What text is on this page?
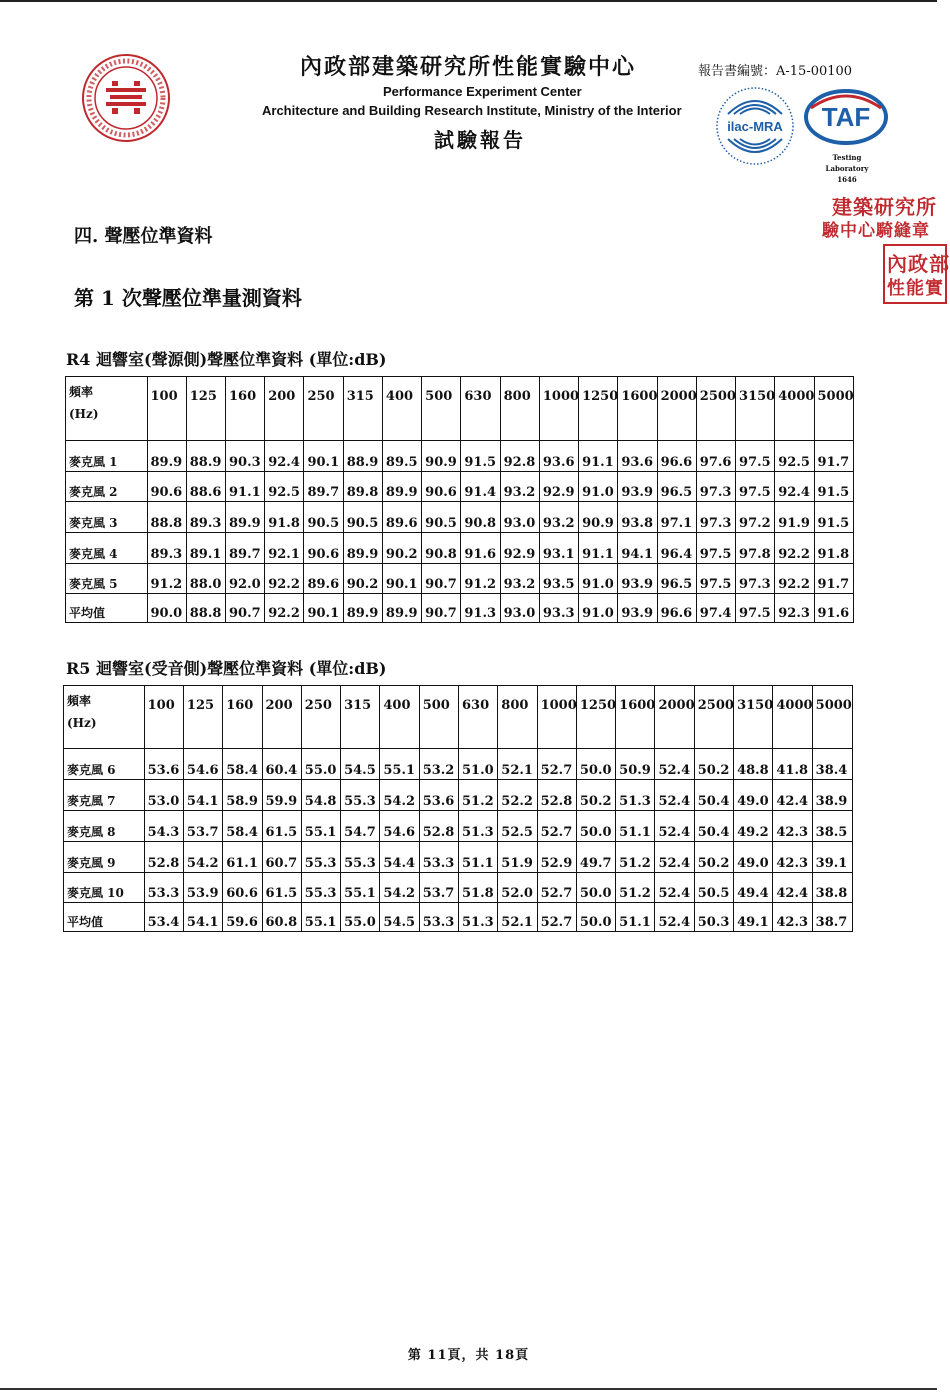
內政部建築研究所性能實驗中心	報告書編號：A-15-00100
Performance Experiment Center
Architecture and Building Research Institute, Ministry of the Interior
試驗報告
ilac-MRA TAF
Testing Laboratory
1646
建築研究所
驗中心騎縫章
內政部
性能實
四. 聲壓位準資料
第 1 次聲壓位準量測資料
R4 迴響室(聲源側)聲壓位準資料 (單位:dB)
頻率
(Hz)	100	125	160	200	250	315	400	500	630	800	1000	1250	1600	2000	2500	3150	4000	5000
麥克風 1	89.9	88.9	90.3	92.4	90.1	88.9	89.5	90.9	91.5	92.8	93.6	91.1	93.6	96.6	97.6	97.5	92.5	91.7
麥克風 2	90.6	88.6	91.1	92.5	89.7	89.8	89.9	90.6	91.4	93.2	92.9	91.0	93.9	96.5	97.3	97.5	92.4	91.5
麥克風 3	88.8	89.3	89.9	91.8	90.5	90.5	89.6	90.5	90.8	93.0	93.2	90.9	93.8	97.1	97.3	97.2	91.9	91.5
麥克風 4	89.3	89.1	89.7	92.1	90.6	89.9	90.2	90.8	91.6	92.9	93.1	91.1	94.1	96.4	97.5	97.8	92.2	91.8
麥克風 5	91.2	88.0	92.0	92.2	89.6	90.2	90.1	90.7	91.2	93.2	93.5	91.0	93.9	96.5	97.5	97.3	92.2	91.7
平均值	90.0	88.8	90.7	92.2	90.1	89.9	89.9	90.7	91.3	93.0	93.3	91.0	93.9	96.6	97.4	97.5	92.3	91.6
R5 迴響室(受音側)聲壓位準資料 (單位:dB)
頻率
(Hz)	100	125	160	200	250	315	400	500	630	800	1000	1250	1600	2000	2500	3150	4000	5000
麥克風 6	53.6	54.6	58.4	60.4	55.0	54.5	55.1	53.2	51.0	52.1	52.7	50.0	50.9	52.4	50.2	48.8	41.8	38.4
麥克風 7	53.0	54.1	58.9	59.9	54.8	55.3	54.2	53.6	51.2	52.2	52.8	50.2	51.3	52.4	50.4	49.0	42.4	38.9
麥克風 8	54.3	53.7	58.4	61.5	55.1	54.7	54.6	52.8	51.3	52.5	52.7	50.0	51.1	52.4	50.4	49.2	42.3	38.5
麥克風 9	52.8	54.2	61.1	60.7	55.3	55.3	54.4	53.3	51.1	51.9	52.9	49.7	51.2	52.4	50.2	49.0	42.3	39.1
麥克風 10	53.3	53.9	60.6	61.5	55.3	55.1	54.2	53.7	51.8	52.0	52.7	50.0	51.2	52.4	50.5	49.4	42.4	38.8
平均值	53.4	54.1	59.6	60.8	55.1	55.0	54.5	53.3	51.3	52.1	52.7	50.0	51.1	52.4	50.3	49.1	42.3	38.7
第 11頁，共 18頁
